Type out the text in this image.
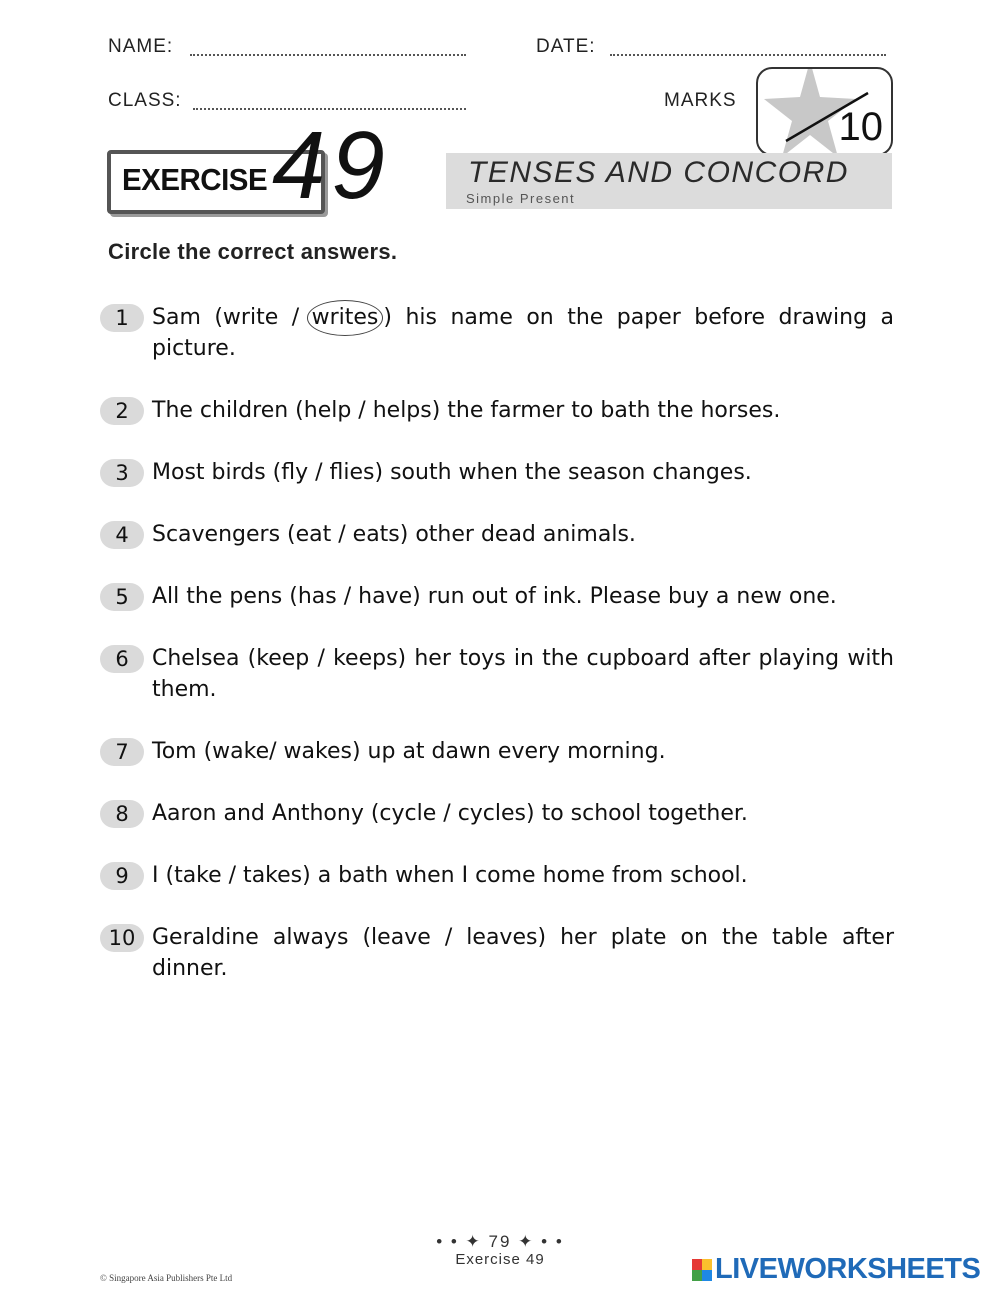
NAME:	DATE:
CLASS:	MARKS
10
EXERCISE 49	TENSES AND CONCORD
Simple Present
Circle the correct answers.
1	Sam (write / writes ) his name on the paper before drawing a picture.
2	The children (help / helps) the farmer to bath the horses.
3	Most birds (fly / flies) south when the season changes.
4	Scavengers (eat / eats) other dead animals.
5	All the pens (has / have) run out of ink. Please buy a new one.
6	Chelsea (keep / keeps) her toys in the cupboard after playing with them.
7	Tom (wake/ wakes) up at dawn every morning.
8	Aaron and Anthony (cycle / cycles) to school together.
9	I (take / takes) a bath when I come home from school.
10 Geraldine always (leave / leaves) her plate on the table after dinner.
• • ✦ 79 ✦ • •
Exercise 49
© Singapore Asia Publishers Pte Ltd	LIVEWORKSHEETS
